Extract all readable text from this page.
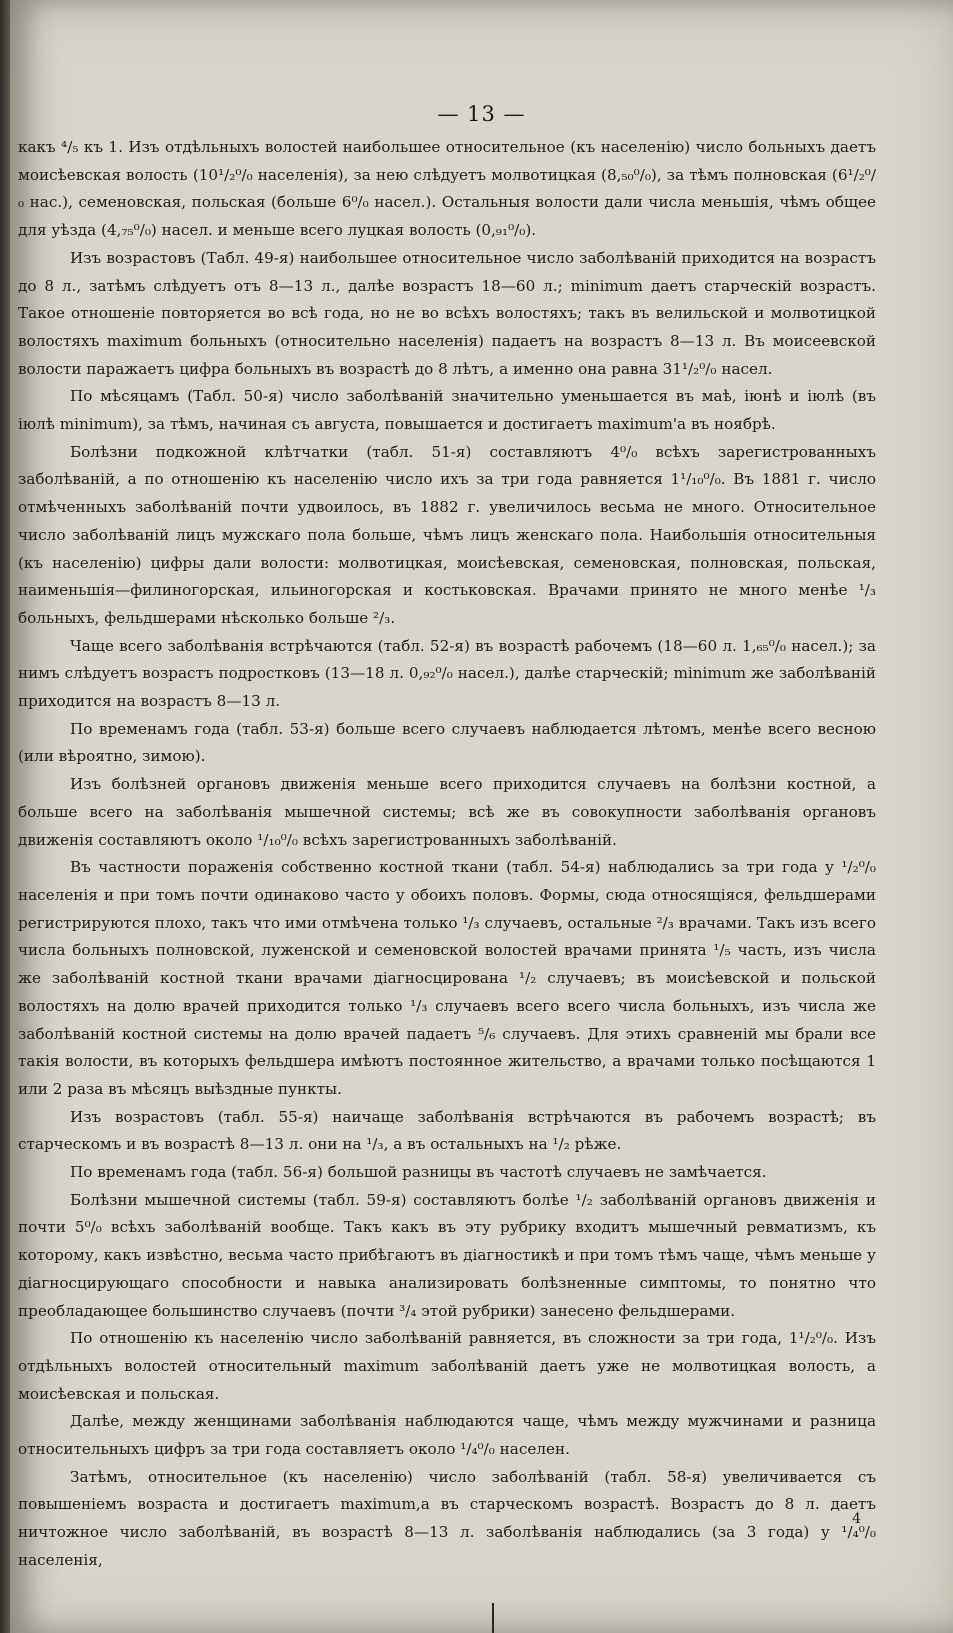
— 13 —

какъ ⁴/₅ къ 1. Изъ отдѣльныхъ волостей наибольшее относительное (къ населенію) число больныхъ даетъ моисѣевская волость (10¹/₂⁰/₀ населенія), за нею слѣдуетъ молвотицкая (8,₅₀⁰/₀), за тѣмъ полновская (6¹/₂⁰/₀ нас.), семеновская, польская (больше 6⁰/₀ насел.). Остальныя волости дали числа меньшія, чѣмъ общее для уѣзда (4,₇₅⁰/₀) насел. и меньше всего луцкая волость (0,₉₁⁰/₀).

Изъ возрастовъ (Табл. 49-я) наибольшее относительное число заболѣваній приходится на возрастъ до 8 л., затѣмъ слѣдуетъ отъ 8—13 л., далѣе возрастъ 18—60 л.; minimum даетъ старческій возрастъ. Такое отношеніе повторяется во всѣ года, но не во всѣхъ волостяхъ; такъ въ велильской и молвотицкой волостяхъ maximum больныхъ (относительно населенія) падаетъ на возрастъ 8—13 л. Въ моисеевской волости паражаетъ цифра больныхъ въ возрастѣ до 8 лѣтъ, а именно она равна 31¹/₂⁰/₀ насел.

По мѣсяцамъ (Табл. 50-я) число заболѣваній значительно уменьшается въ маѣ, іюнѣ и іюлѣ (въ іюлѣ minimum), за тѣмъ, начиная съ августа, повышается и достигаетъ maximum'a въ ноябрѣ.

Болѣзни подкожной клѣтчатки (табл. 51-я) составляютъ 4⁰/₀ всѣхъ зарегистрованныхъ заболѣваній, а по отношенію къ населенію число ихъ за три года равняется 1¹/₁₀⁰/₀. Въ 1881 г. число отмѣченныхъ заболѣваній почти удвоилось, въ 1882 г. увеличилось весьма не много. Относительное число заболѣваній лицъ мужскаго пола больше, чѣмъ лицъ женскаго пола. Наибольшія относительныя (къ населенію) цифры дали волости: молвотицкая, моисѣевская, семеновская, полновская, польская, наименьшія—филиногорская, ильиногорская и костьковская. Врачами принято не много менѣе ¹/₃ больныхъ, фельдшерами нѣсколько больше ²/₃.

Чаще всего заболѣванія встрѣчаются (табл. 52-я) въ возрастѣ рабочемъ (18—60 л. 1,₆₅⁰/₀ насел.); за нимъ слѣдуетъ возрастъ подростковъ (13—18 л. 0,₉₂⁰/₀ насел.), далѣе старческій; minimum же заболѣваній приходится на возрастъ 8—13 л.

По временамъ года (табл. 53-я) больше всего случаевъ наблюдается лѣтомъ, менѣе всего весною (или вѣроятно, зимою).

Изъ болѣзней органовъ движенія меньше всего приходится случаевъ на болѣзни костной, а больше всего на заболѣванія мышечной системы; всѣ же въ совокупности заболѣванія органовъ движенія составляютъ около ¹/₁₀⁰/₀ всѣхъ зарегистрованныхъ заболѣваній.

Въ частности пораженія собственно костной ткани (табл. 54-я) наблюдались за три года у ¹/₂⁰/₀ населенія и при томъ почти одинаково часто у обоихъ половъ. Формы, сюда относящіяся, фельдшерами регистрируются плохо, такъ что ими отмѣчена только ¹/₃ случаевъ, остальные ²/₃ врачами. Такъ изъ всего числа больныхъ полновской, луженской и семеновской волостей врачами принята ¹/₅ часть, изъ числа же заболѣваній костной ткани врачами діагносцирована ¹/₂ случаевъ; въ моисѣевской и польской волостяхъ на долю врачей приходится только ¹/₃ случаевъ всего всего числа больныхъ, изъ числа же заболѣваній костной системы на долю врачей падаетъ ⁵/₆ случаевъ. Для этихъ сравненій мы брали все такія волости, въ которыхъ фельдшера имѣютъ постоянное жительство, а врачами только посѣщаются 1 или 2 раза въ мѣсяцъ выѣздные пункты.

Изъ возрастовъ (табл. 55-я) наичаще заболѣванія встрѣчаются въ рабочемъ возрастѣ; въ старческомъ и въ возрастѣ 8—13 л. они на ¹/₃, а въ остальныхъ на ¹/₂ рѣже.

По временамъ года (табл. 56-я) большой разницы въ частотѣ случаевъ не замѣчается.

Болѣзни мышечной системы (табл. 59-я) составляютъ болѣе ¹/₂ заболѣваній органовъ движенія и почти 5⁰/₀ всѣхъ заболѣваній вообще. Такъ какъ въ эту рубрику входитъ мышечный ревматизмъ, къ которому, какъ извѣстно, весьма часто прибѣгаютъ въ діагностикѣ и при томъ тѣмъ чаще, чѣмъ меньше у діагносцирующаго способности и навыка анализировать болѣзненные симптомы, то понятно что преобладающее большинство случаевъ (почти ³/₄ этой рубрики) занесено фельдшерами.

По отношенію къ населенію число заболѣваній равняется, въ сложности за три года, 1¹/₂⁰/₀. Изъ отдѣльныхъ волостей относительный maximum заболѣваній даетъ уже не молвотицкая волость, а моисѣевская и польская.

Далѣе, между женщинами заболѣванія наблюдаются чаще, чѣмъ между мужчинами и разница относительныхъ цифръ за три года составляетъ около ¹/₄⁰/₀ населен.

Затѣмъ, относительное (къ населенію) число заболѣваній (табл. 58-я) увеличивается съ повышеніемъ возраста и достигаетъ maximum,а въ старческомъ возрастѣ. Возрастъ до 8 л. даетъ ничтожное число заболѣваній, въ возрастѣ 8—13 л. заболѣванія наблюдались (за 3 года) у ¹/₄⁰/₀ населенія,

4
